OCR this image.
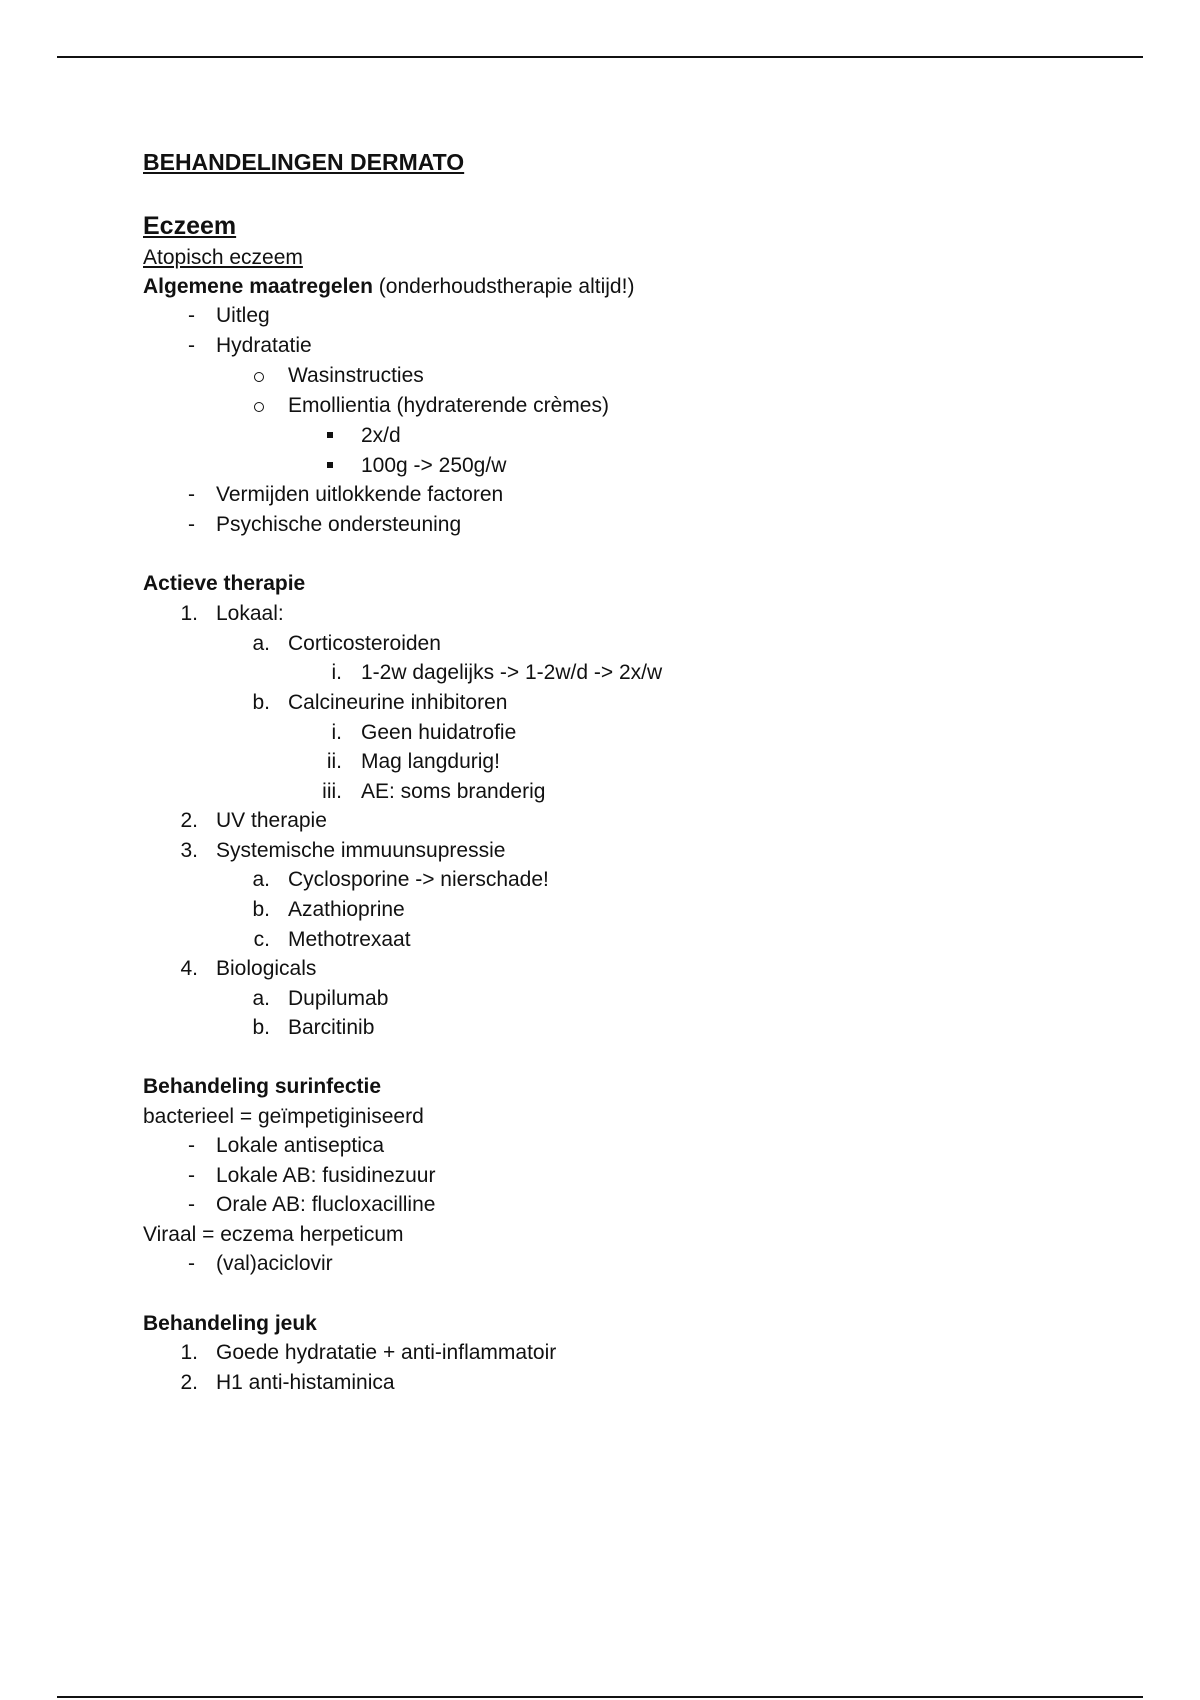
BEHANDELINGEN DERMATO
Eczeem
Atopisch eczeem
Algemene maatregelen (onderhoudstherapie altijd!)
- Uitleg
- Hydratatie
Wasinstructies
Emollientia (hydraterende crèmes)
2x/d
100g -> 250g/w
- Vermijden uitlokkende factoren
- Psychische ondersteuning
Actieve therapie
1. Lokaal:
a. Corticosteroiden
i. 1-2w dagelijks -> 1-2w/d -> 2x/w
b. Calcineurine inhibitoren
i. Geen huidatrofie
ii. Mag langdurig!
iii. AE: soms branderig
2. UV therapie
3. Systemische immuunsupressie
a. Cyclosporine -> nierschade!
b. Azathioprine
c. Methotrexaat
4. Biologicals
a. Dupilumab
b. Barcitinib
Behandeling surinfectie
bacterieel = geïmpetiginiseerd
- Lokale antiseptica
- Lokale AB: fusidinezuur
- Orale AB: flucloxacilline
Viraal = eczema herpeticum
- (val)aciclovir
Behandeling jeuk
1. Goede hydratatie + anti-inflammatoir
2. H1 anti-histaminica
